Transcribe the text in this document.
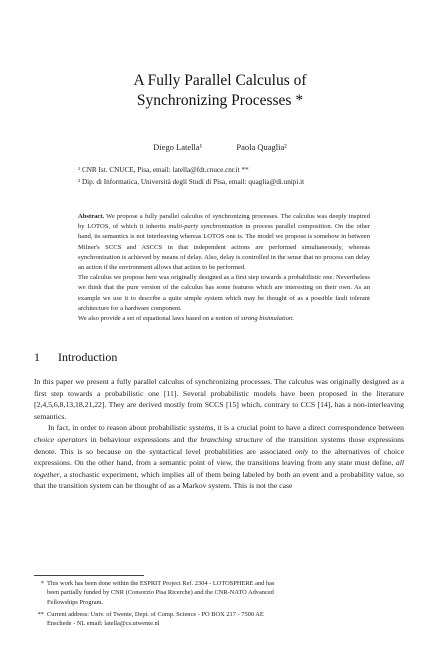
A Fully Parallel Calculus of
Synchronizing Processes *
Diego Latella¹	Paola Quaglia²
¹ CNR Ist. CNUCE, Pisa, email: latella@fdt.cnuce.cnr.it **
² Dip. di Informatica, Università degli Studi di Pisa, email: quaglia@di.unipi.it

Abstract. We propose a fully parallel calculus of synchronizing processes. The calculus was deeply inspired by LOTOS, of which it inherits multi-party synchronization in process parallel composition. On the other hand, its semantics is not interleaving whereas LOTOS one is. The model we propose is somehow in between Milner's SCCS and ASCCS in that independent actions are performed simultaneously, whereas synchronization is achieved by means of delay. Also, delay is controlled in the sense that no process can delay an action if the environment allows that action to be performed.

The calculus we propose here was originally designed as a first step towards a probabilistic one. Nevertheless we think that the pure version of the calculus has some features which are interesting on their own. As an example we use it to describe a quite simple system which may be thought of as a possible fault tolerant architecture for a hardware component.

We also provide a set of equational laws based on a notion of strong bisimulation.

1 Introduction

In this paper we present a fully parallel calculus of synchronizing processes. The calculus was originally designed as a first step towards a probabilistic one [11]. Several probabilistic models have been proposed in the literature [2,4,5,6,8,13,18,21,22]. They are derived mostly from SCCS [15] which, contrary to CCS [14], has a non-interleaving semantics.

In fact, in order to reason about probabilistic systems, it is a crucial point to have a direct correspondence between choice operators in behaviour expressions and the branching structure of the transition systems those expressions denote. This is so because on the syntactical level probabilities are associated only to the alternatives of choice expressions. On the other hand, from a semantic point of view, the transitions leaving from any state must define, all together, a stochastic experiment, which implies all of them being labeled by both an event and a probability value, so that the transition system can be thought of as a Markov system. This is not the case

* This work has been done within the ESPRIT Project Ref. 2304 - LOTOSPHERE and has
been partially funded by CNR (Consorzio Pisa Ricerche) and the CNR-NATO Advanced
Fellowships Program.
** Current address: Univ. of Twente, Dept. of Comp. Science - PO BOX 217 - 7500 AE
Enschede - NL email: latella@cs.utwente.nl
